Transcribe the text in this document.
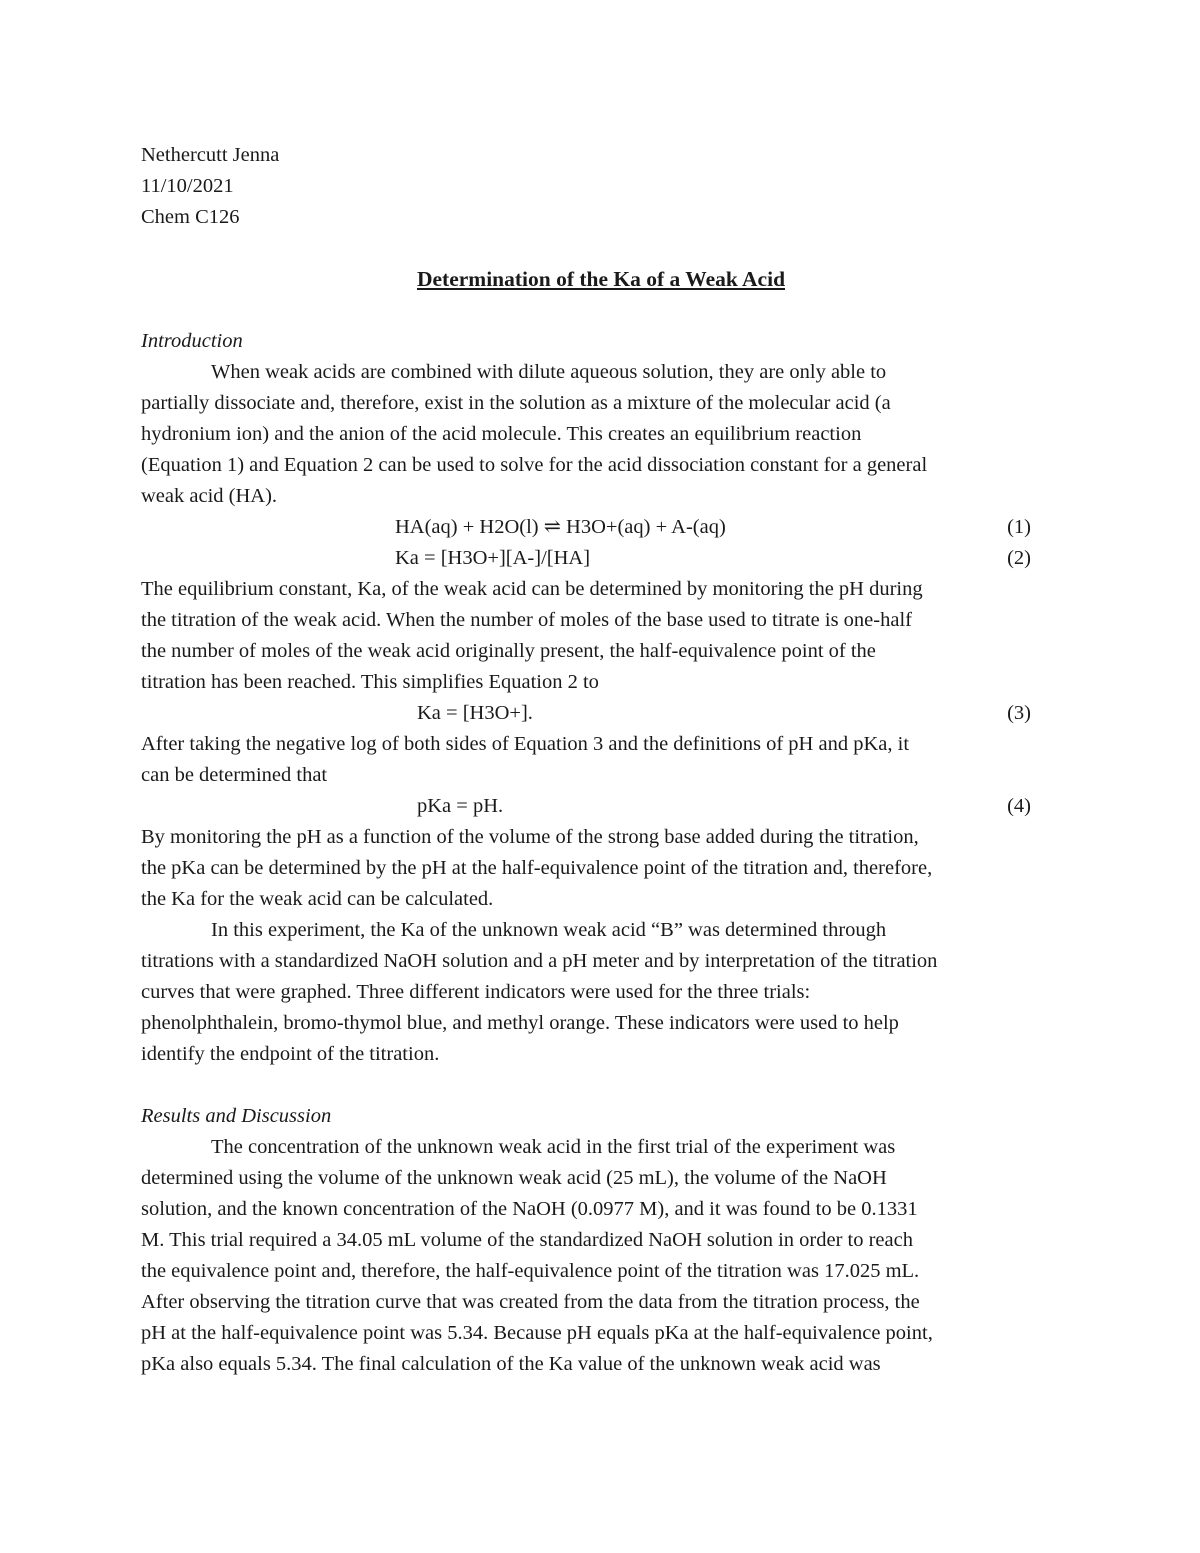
Nethercutt Jenna
11/10/2021
Chem C126
Determination of the Ka of a Weak Acid
Introduction
When weak acids are combined with dilute aqueous solution, they are only able to
partially dissociate and, therefore, exist in the solution as a mixture of the molecular acid (a
hydronium ion) and the anion of the acid molecule. This creates an equilibrium reaction
(Equation 1) and Equation 2 can be used to solve for the acid dissociation constant for a general
weak acid (HA).
HA(aq) + H2O(l) ⇌ H3O+(aq) + A-(aq)	(1)
Ka = [H3O+][A-]/[HA]	(2)
The equilibrium constant, Ka, of the weak acid can be determined by monitoring the pH during
the titration of the weak acid. When the number of moles of the base used to titrate is one-half
the number of moles of the weak acid originally present, the half-equivalence point of the
titration has been reached. This simplifies Equation 2 to
Ka = [H3O+].	(3)
After taking the negative log of both sides of Equation 3 and the definitions of pH and pKa, it
can be determined that
pKa = pH.	(4)
By monitoring the pH as a function of the volume of the strong base added during the titration,
the pKa can be determined by the pH at the half-equivalence point of the titration and, therefore,
the Ka for the weak acid can be calculated.
In this experiment, the Ka of the unknown weak acid “B” was determined through
titrations with a standardized NaOH solution and a pH meter and by interpretation of the titration
curves that were graphed. Three different indicators were used for the three trials:
phenolphthalein, bromo-thymol blue, and methyl orange. These indicators were used to help
identify the endpoint of the titration.
Results and Discussion
The concentration of the unknown weak acid in the first trial of the experiment was
determined using the volume of the unknown weak acid (25 mL), the volume of the NaOH
solution, and the known concentration of the NaOH (0.0977 M), and it was found to be 0.1331
M. This trial required a 34.05 mL volume of the standardized NaOH solution in order to reach
the equivalence point and, therefore, the half-equivalence point of the titration was 17.025 mL.
After observing the titration curve that was created from the data from the titration process, the
pH at the half-equivalence point was 5.34. Because pH equals pKa at the half-equivalence point,
pKa also equals 5.34. The final calculation of the Ka value of the unknown weak acid was
